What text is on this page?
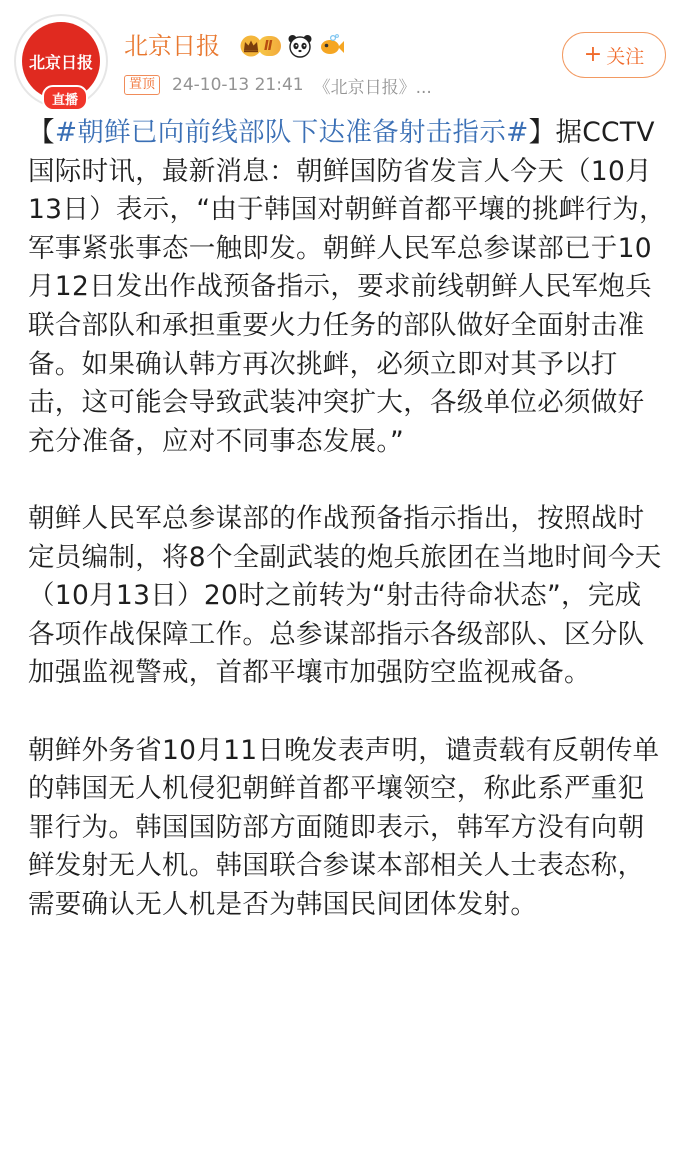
北京日报
直播
北京日报	Ⅱ
置顶 24-10-13 21:41 《北京日报》...
+ 关注

【#朝鲜已向前线部队下达准备射击指示#】据CCTV国际时讯，最新消息：朝鲜国防省发言人今天（10月13日）表示，“由于韩国对朝鲜首都平壤的挑衅行为，军事紧张事态一触即发。朝鲜人民军总参谋部已于10月12日发出作战预备指示，要求前线朝鲜人民军炮兵联合部队和承担重要火力任务的部队做好全面射击准备。如果确认韩方再次挑衅，必须立即对其予以打击，这可能会导致武装冲突扩大，各级单位必须做好充分准备，应对不同事态发展。”

朝鲜人民军总参谋部的作战预备指示指出，按照战时定员编制，将8个全副武装的炮兵旅团在当地时间今天（10月13日）20时之前转为“射击待命状态”，完成各项作战保障工作。总参谋部指示各级部队、区分队加强监视警戒，首都平壤市加强防空监视戒备。

朝鲜外务省10月11日晚发表声明，谴责载有反朝传单的韩国无人机侵犯朝鲜首都平壤领空，称此系严重犯罪行为。韩国国防部方面随即表示，韩军方没有向朝鲜发射无人机。韩国联合参谋本部相关人士表态称，需要确认无人机是否为韩国民间团体发射。
